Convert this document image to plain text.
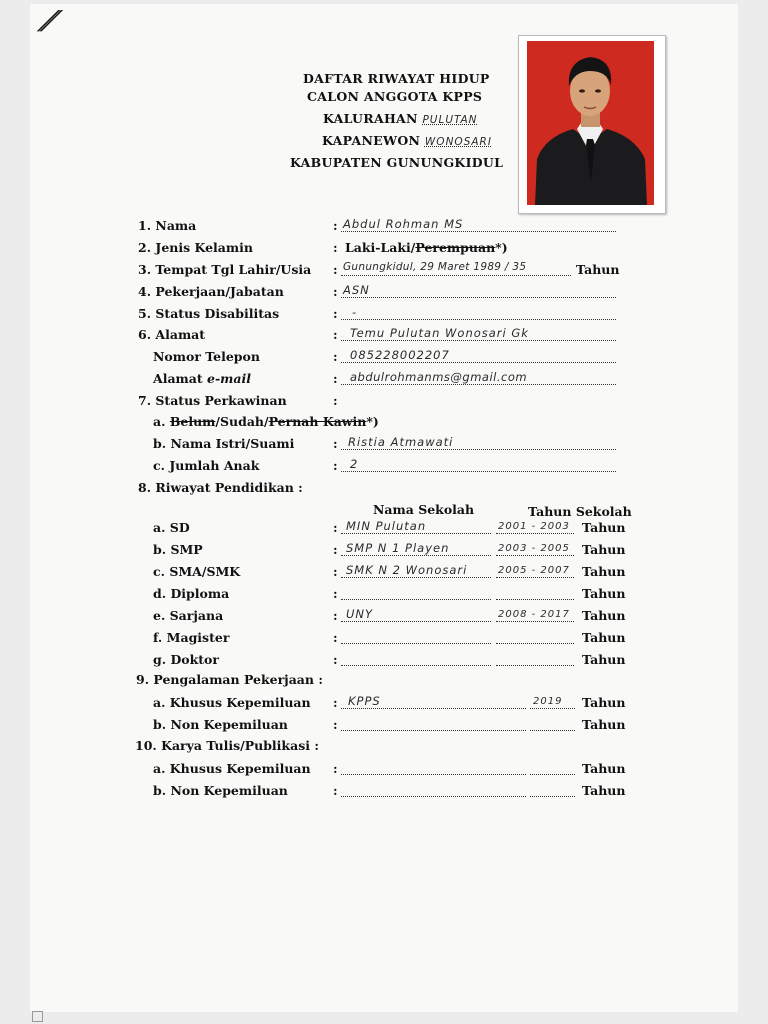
//
DAFTAR RIWAYAT HIDUP
CALON ANGGOTA KPPS
KALURAHAN PULUTAN
KAPANEWON WONOSARI
KABUPATEN GUNUNGKIDUL
1. Nama	: Abdul Rohman MS
2. Jenis Kelamin	: Laki-Laki/Perempuan*)
3. Tempat Tgl Lahir/Usia : Gunungkidul, 29 Maret 1989 / 35	Tahun
4. Pekerjaan/Jabatan	: ASN
5. Status Disabilitas	: -
6. Alamat	: Temu Pulutan Wonosari Gk
Nomor Telepon	: 085228002207
Alamat e-mail	: abdulrohmanms@gmail.com
7. Status Perkawinan	:
a. Belum/Sudah/Pernah Kawin*)
b. Nama Istri/Suami	: Ristia Atmawati
c. Jumlah Anak	: 2
8. Riwayat Pendidikan :
Nama Sekolah	Tahun Sekolah
a. SD	: MIN Pulutan	2001 - 2003 Tahun
b. SMP	: SMP N 1 Playen	2003 - 2005 Tahun
c. SMA/SMK	: SMK N 2 Wonosari	2005 - 2007 Tahun
d. Diploma	:	Tahun
e. Sarjana	: UNY	2008 - 2017 Tahun
f. Magister	:	Tahun
g. Doktor	:	Tahun
9. Pengalaman Pekerjaan :
a. Khusus Kepemiluan : KPPS	2019 Tahun
b. Non Kepemiluan	:	Tahun
10. Karya Tulis/Publikasi :
a. Khusus Kepemiluan :	Tahun
b. Non Kepemiluan	:	Tahun
